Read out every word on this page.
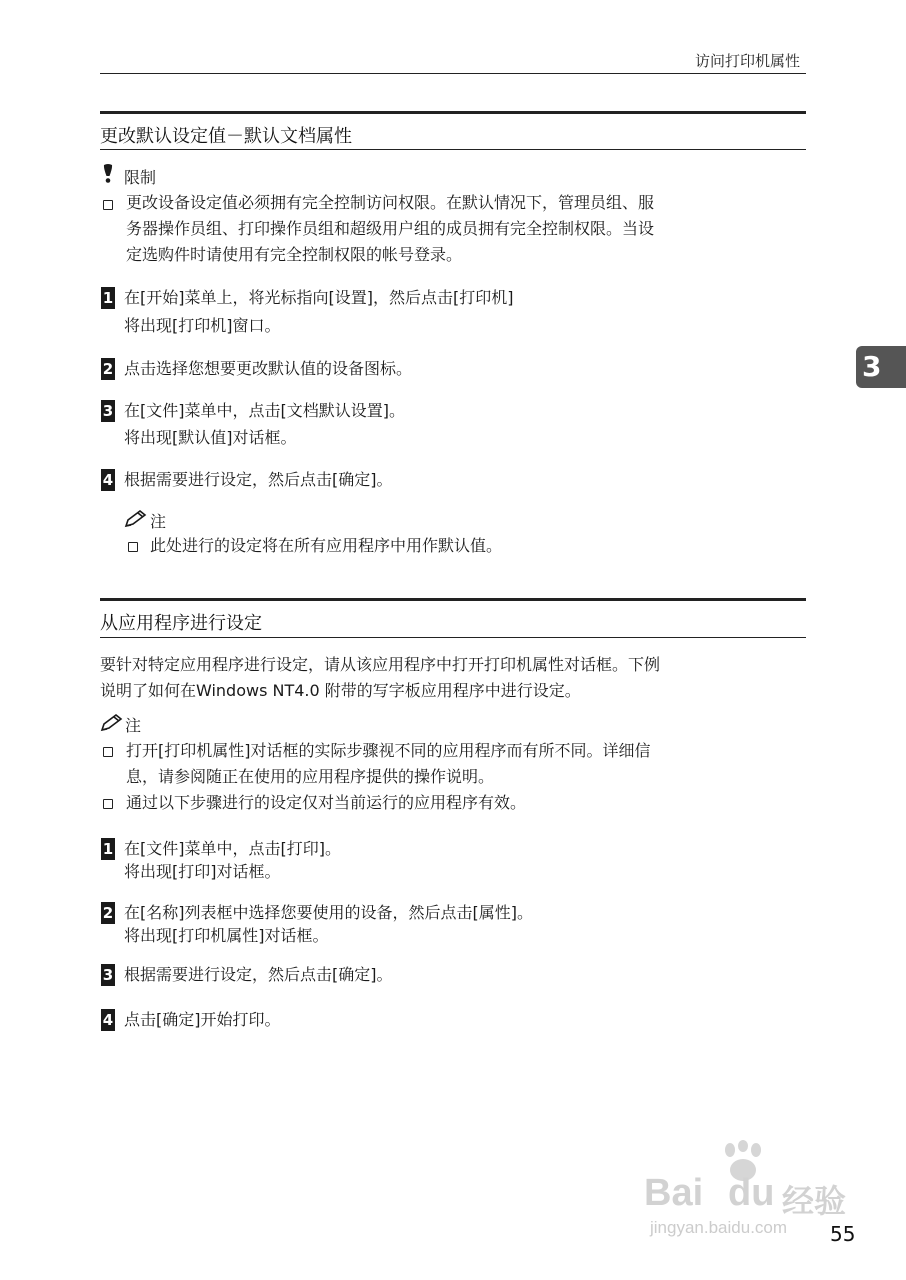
访问打印机属性
3
更改默认设定值－默认文档属性
限制
更改设备设定值必须拥有完全控制访问权限。在默认情况下，管理员组、服
务器操作员组、打印操作员组和超级用户组的成员拥有完全控制权限。当设
定选购件时请使用有完全控制权限的帐号登录。
1 在[开始]菜单上，将光标指向[设置]，然后点击[打印机]
将出现[打印机]窗口。
2 点击选择您想要更改默认值的设备图标。
3 在[文件]菜单中，点击[文档默认设置]。
将出现[默认值]对话框。
4 根据需要进行设定，然后点击[确定]。
注
此处进行的设定将在所有应用程序中用作默认值。
从应用程序进行设定
要针对特定应用程序进行设定，请从该应用程序中打开打印机属性对话框。下例
说明了如何在Windows NT4.0 附带的写字板应用程序中进行设定。
注
打开[打印机属性]对话框的实际步骤视不同的应用程序而有所不同。详细信
息，请参阅随正在使用的应用程序提供的操作说明。
通过以下步骤进行的设定仅对当前运行的应用程序有效。
1 在[文件]菜单中，点击[打印]。
将出现[打印]对话框。
2 在[名称]列表框中选择您要使用的设备，然后点击[属性]。
将出现[打印机属性]对话框。
3 根据需要进行设定，然后点击[确定]。
4 点击[确定]开始打印。
Bai du 经验
jingyan.baidu.com 55
